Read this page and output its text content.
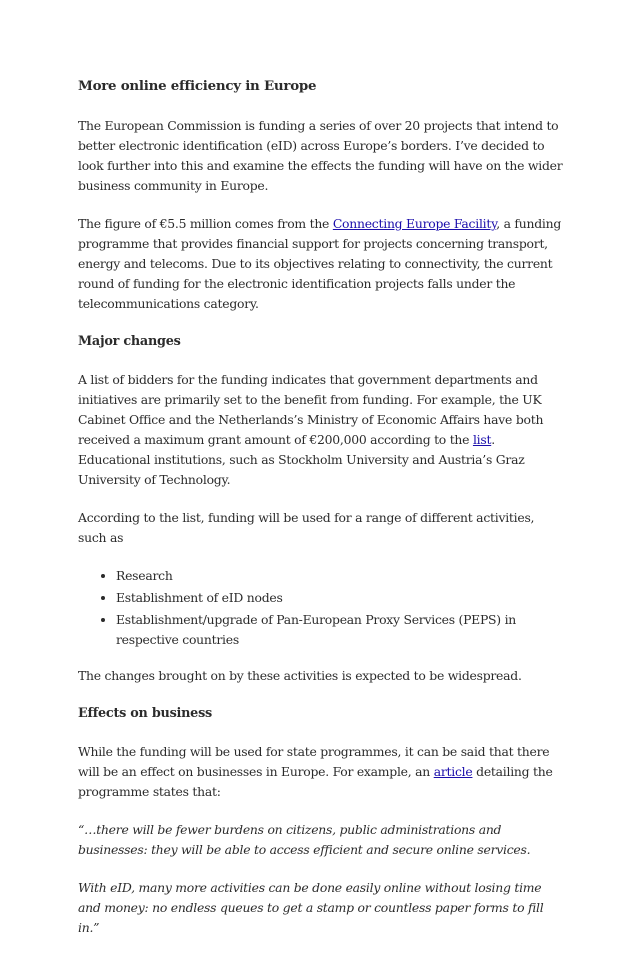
More online efficiency in Europe

The European Commission is funding a series of over 20 projects that intend to better electronic identification (eID) across Europe’s borders. I’ve decided to look further into this and examine the effects the funding will have on the wider business community in Europe.

The figure of €5.5 million comes from the Connecting Europe Facility, a funding programme that provides financial support for projects concerning transport, energy and telecoms. Due to its objectives relating to connectivity, the current round of funding for the electronic identification projects falls under the telecommunications category.

Major changes

A list of bidders for the funding indicates that government departments and initiatives are primarily set to the benefit from funding. For example, the UK Cabinet Office and the Netherlands’s Ministry of Economic Affairs have both received a maximum grant amount of €200,000 according to the list. Educational institutions, such as Stockholm University and Austria’s Graz University of Technology.

According to the list, funding will be used for a range of different activities, such as

• Research
• Establishment of eID nodes
• Establishment/upgrade of Pan-European Proxy Services (PEPS) in respective countries

The changes brought on by these activities is expected to be widespread.

Effects on business

While the funding will be used for state programmes, it can be said that there will be an effect on businesses in Europe. For example, an article detailing the programme states that:

“…there will be fewer burdens on citizens, public administrations and businesses: they will be able to access efficient and secure online services.

With eID, many more activities can be done easily online without losing time and money: no endless queues to get a stamp or countless paper forms to fill in.”
